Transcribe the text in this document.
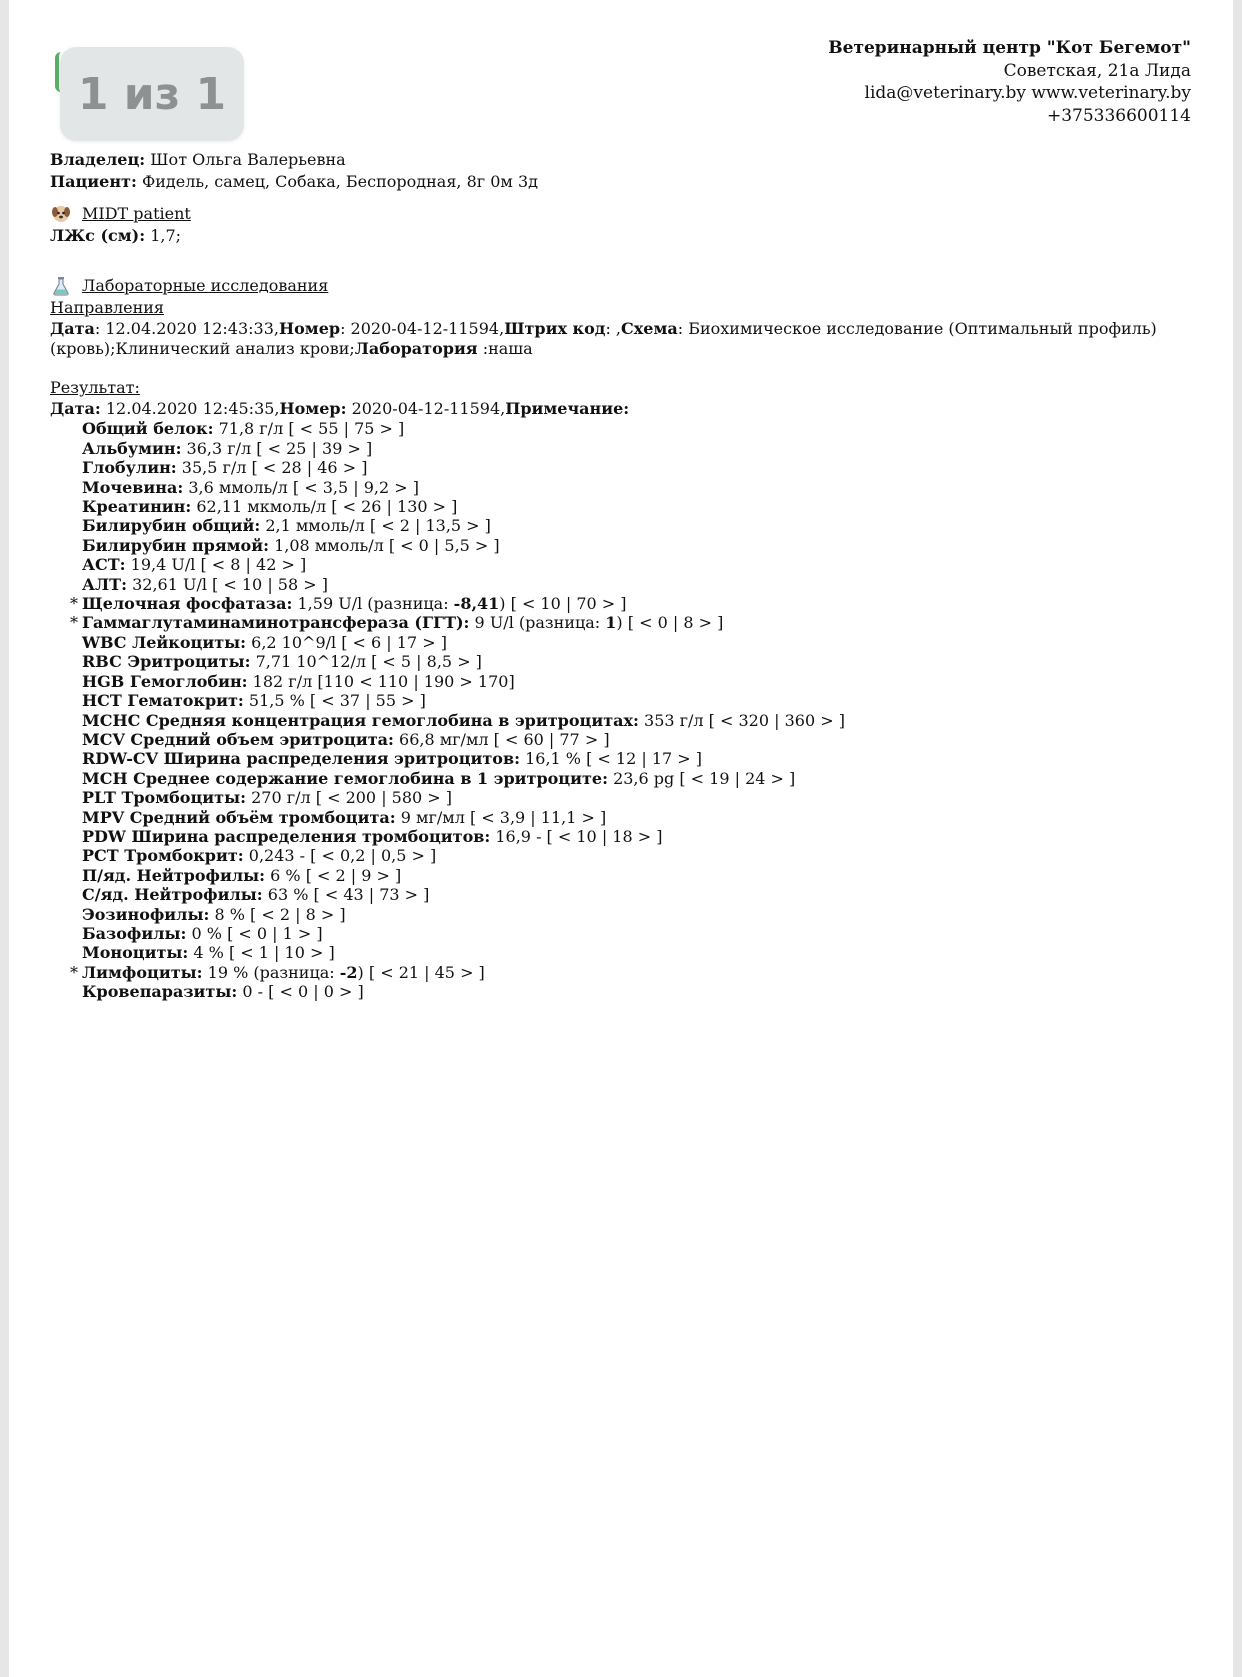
1 из 1
Ветеринарный центр "Кот Бегемот"
Советская, 21а Лида
lida@veterinary.by www.veterinary.by
+375336600114
Владелец: Шот Ольга Валерьевна
Пациент: Фидель, самец, Собака, Беспородная, 8г 0м 3д
MIDT patient
ЛЖс (см): 1,7;
Лабораторные исследования
Направления
Дата: 12.04.2020 12:43:33,Номер: 2020-04-12-11594,Штрих код: ,Схема: Биохимическое исследование (Оптимальный профиль) (кровь);Клинический анализ крови;Лаборатория :наша
Результат:
Дата: 12.04.2020 12:45:35,Номер: 2020-04-12-11594,Примечание:
Общий белок: 71,8 г/л [ < 55 | 75 > ]
Альбумин: 36,3 г/л [ < 25 | 39 > ]
Глобулин: 35,5 г/л [ < 28 | 46 > ]
Мочевина: 3,6 ммоль/л [ < 3,5 | 9,2 > ]
Креатинин: 62,11 мкмоль/л [ < 26 | 130 > ]
Билирубин общий: 2,1 ммоль/л [ < 2 | 13,5 > ]
Билирубин прямой: 1,08 ммоль/л [ < 0 | 5,5 > ]
АСТ: 19,4 U/l [ < 8 | 42 > ]
АЛТ: 32,61 U/l [ < 10 | 58 > ]
* Щелочная фосфатаза: 1,59 U/l (разница: -8,41) [ < 10 | 70 > ]
* Гаммаглутаминаминотрансфераза (ГГТ): 9 U/l (разница: 1) [ < 0 | 8 > ]
WBC Лейкоциты: 6,2 10^9/l [ < 6 | 17 > ]
RBC Эритроциты: 7,71 10^12/л [ < 5 | 8,5 > ]
HGB Гемоглобин: 182 г/л [110 < 110 | 190 > 170]
HCT Гематокрит: 51,5 % [ < 37 | 55 > ]
MCHC Средняя концентрация гемоглобина в эритроцитах: 353 г/л [ < 320 | 360 > ]
MCV Средний объем эритроцита: 66,8 мг/мл [ < 60 | 77 > ]
RDW-CV Ширина распределения эритроцитов: 16,1 % [ < 12 | 17 > ]
MCH Среднее содержание гемоглобина в 1 эритроците: 23,6 pg [ < 19 | 24 > ]
PLT Тромбоциты: 270 г/л [ < 200 | 580 > ]
MPV Средний объём тромбоцита: 9 мг/мл [ < 3,9 | 11,1 > ]
PDW Ширина распределения тромбоцитов: 16,9 - [ < 10 | 18 > ]
PCT Тромбокрит: 0,243 - [ < 0,2 | 0,5 > ]
П/яд. Нейтрофилы: 6 % [ < 2 | 9 > ]
С/яд. Нейтрофилы: 63 % [ < 43 | 73 > ]
Эозинофилы: 8 % [ < 2 | 8 > ]
Базофилы: 0 % [ < 0 | 1 > ]
Моноциты: 4 % [ < 1 | 10 > ]
* Лимфоциты: 19 % (разница: -2) [ < 21 | 45 > ]
Кровепаразиты: 0 - [ < 0 | 0 > ]
